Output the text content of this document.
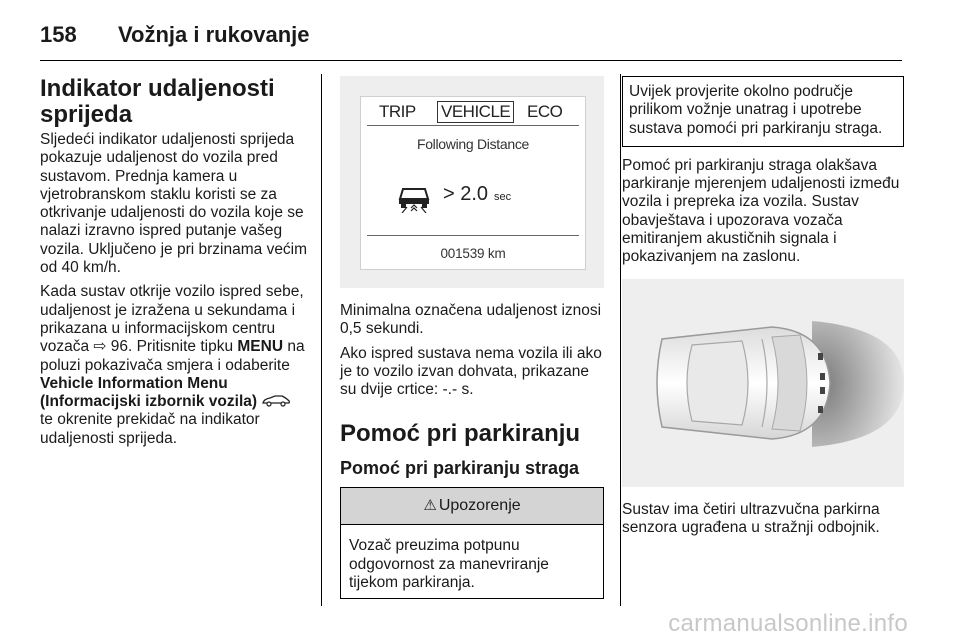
158 Vožnja i rukovanje
Indikator udaljenosti
sprijeda

Sljedeći indikator udaljenosti sprijeda pokazuje udaljenost do vozila pred sustavom. Prednja kamera u vjetrobranskom staklu koristi se za otkrivanje udaljenosti do vozila koje se nalazi izravno ispred putanje vašeg vozila. Uključeno je pri brzinama većim od 40 km/h.

Kada sustav otkrije vozilo ispred sebe, udaljenost je izražena u sekundama i prikazana u informacijskom centru vozača ⇨ 96. Pritisnite tipku MENU na poluzi pokazivača smjera i odaberite Vehicle Information Menu (Informacijski izbornik vozila)  te okrenite prekidač na indikator udaljenosti sprijeda.

TRIP VEHICLE ECO
Following Distance
> 2.0 sec
001539 km

Minimalna označena udaljenost iznosi 0,5 sekundi.

Ako ispred sustava nema vozila ili ako je to vozilo izvan dohvata, prikazane su dvije crtice: -.- s.

Pomoć pri parkiranju
Pomoć pri parkiranju straga
⚠ Upozorenje

Vozač preuzima potpunu odgovornost za manevriranje tijekom parkiranja.

Uvijek provjerite okolno područje prilikom vožnje unatrag i upotrebe sustava pomoći pri parkiranju straga.

Pomoć pri parkiranju straga olakšava parkiranje mjerenjem udaljenosti između vozila i prepreka iza vozila. Sustav obavještava i upozorava vozača emitiranjem akustičnih signala i pokazivanjem na zaslonu.

Sustav ima četiri ultrazvučna parkirna senzora ugrađena u stražnji odbojnik.

carmanualsonline.info
